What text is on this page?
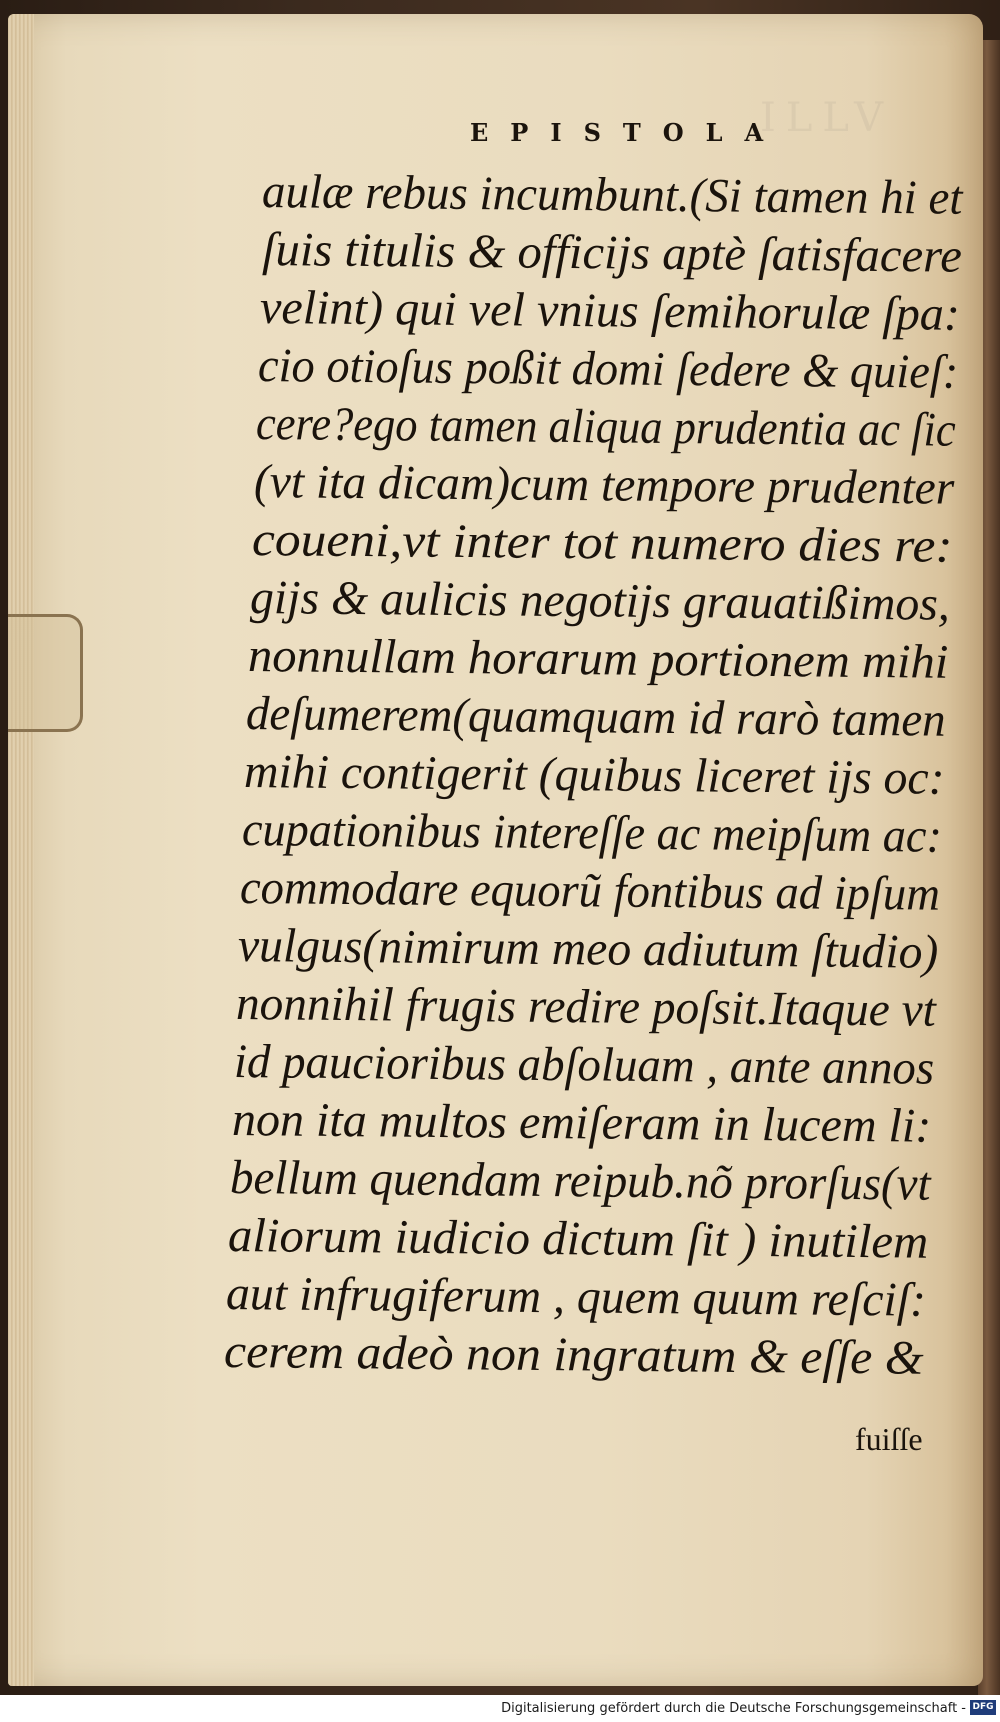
ILLV
EPISTOLA
aulæ rebus incumbunt.(Si tamen hi et
ſuis titulis & officijs aptè ſatisfacere
velint) qui vel vnius ſemihorulæ ſpa:
cio otioſus poßit domi ſedere & quieſ:
cere?ego tamen aliqua prudentia ac ſic
(vt ita dicam)cum tempore prudenter
coueni,vt inter tot numero dies re:
gijs & aulicis negotijs grauatißimos,
nonnullam horarum portionem mihi
deſumerem(quamquam id rarò tamen
mihi contigerit (quibus liceret ijs oc:
cupationibus intereſſe ac meipſum ac:
commodare equorũ fontibus ad ipſum
vulgus(nimirum meo adiutum ſtudio)
nonnihil frugis redire poſsit.Itaque vt
id paucioribus abſoluam , ante annos
non ita multos emiſeram in lucem li:
bellum quendam reipub.nõ prorſus(vt
aliorum iudicio dictum ſit ) inutilem
aut infrugiferum , quem quum reſciſ:
cerem adeò non ingratum & eſſe &
fuiſſe
Digitalisierung gefördert durch die Deutsche Forschungsgemeinschaft - DFG
